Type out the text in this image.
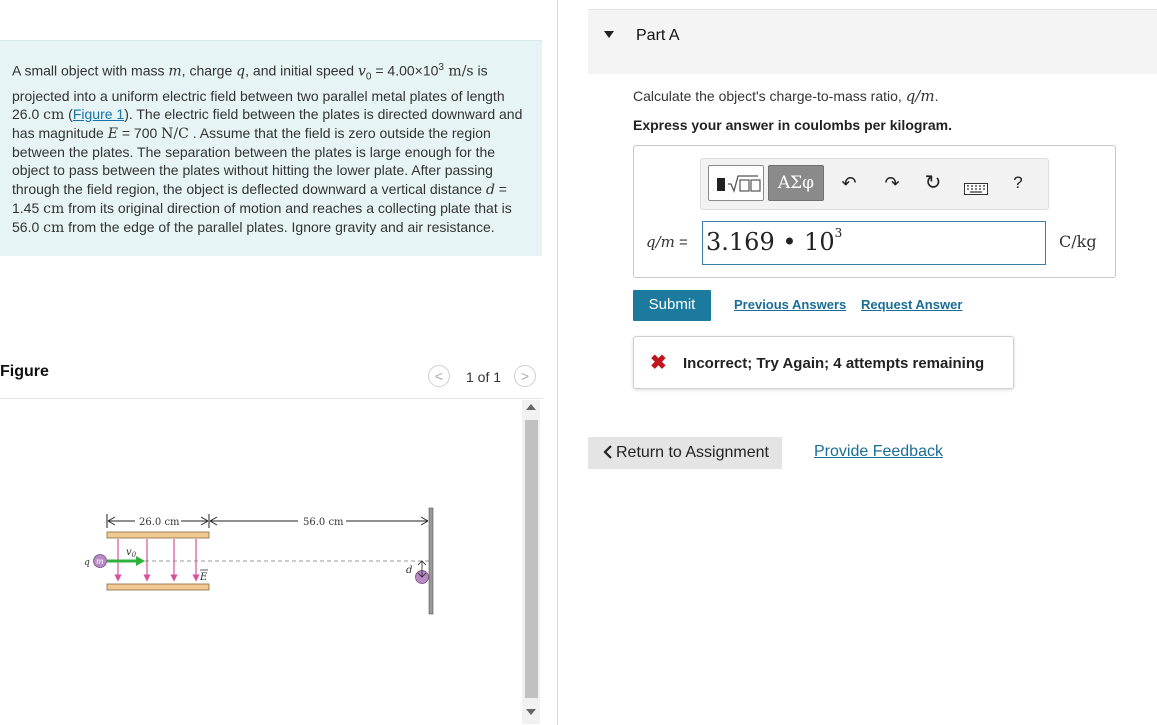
A small object with mass m, charge q, and initial speed $v_0 = 4.00\times 10^3$ m/s is projected into a uniform electric field between two parallel metal plates of length 26.0 cm (Figure 1). The electric field between the plates is directed downward and has magnitude E = 700 N/C . Assume that the field is zero outside the region between the plates. The separation between the plates is large enough for the object to pass between the plates without hitting the lower plate. After passing through the field region, the object is deflected downward a vertical distance d = 1.45 cm from its original direction of motion and reaches a collecting plate that is 56.0 cm from the edge of the parallel plates. Ignore gravity and air resistance.
Figure	<	1 of 1	>
26.0 cm	56.0 cm
m
q
$v_0$
E
d
Part A
Calculate the object's charge-to-mass ratio, q/m.
Express your answer in coulombs per kilogram.
ΑΣφ	↶ ↷ ↻	?
q/m = 3.169 • $10^3$	C/kg
Submit	Previous Answers Request Answer
✖ Incorrect; Try Again; 4 attempts remaining
Return to Assignment	Provide Feedback
